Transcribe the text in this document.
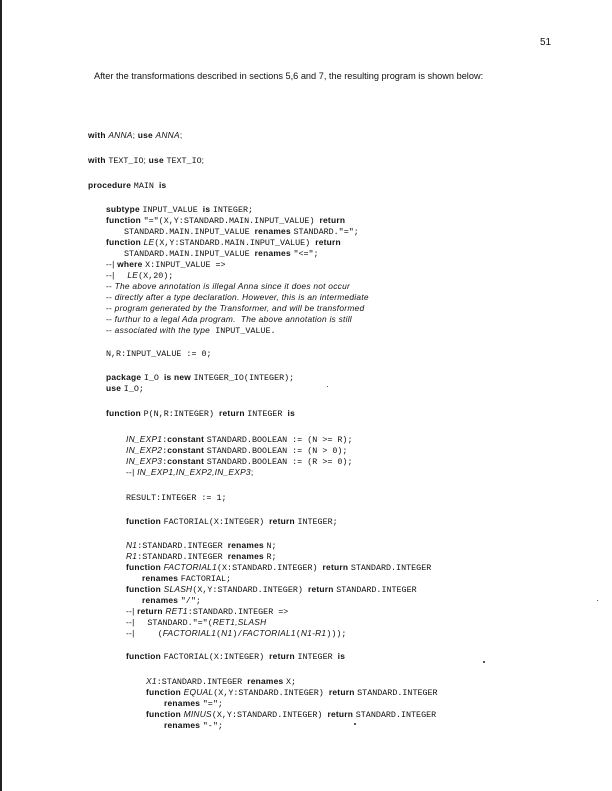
51
After the transformations described in sections 5,6 and 7, the resulting program is shown below:
with ANNA; use ANNA;
with TEXT_IO; use TEXT_IO;
procedure MAIN is
subtype INPUT_VALUE is INTEGER;
function "="(X,Y:STANDARD.MAIN.INPUT_VALUE) return
STANDARD.MAIN.INPUT_VALUE renames STANDARD."=";
function LE(X,Y:STANDARD.MAIN.INPUT_VALUE) return
STANDARD.MAIN.INPUT_VALUE renames "<=";
--| where X:INPUT_VALUE =>
--|     LE(X,20);
-- The above annotation is illegal Anna since it does not occur
-- directly after a type declaration. However, this is an intermediate
-- program generated by the Transformer, and will be transformed
-- furthur to a legal Ada program.  The above annotation is still
-- associated with the type  INPUT_VALUE.
N,R:INPUT_VALUE := 0;
package I_O is new INTEGER_IO(INTEGER);
use I_O;
function P(N,R:INTEGER) return INTEGER is
IN_EXP1:constant STANDARD.BOOLEAN := (N >= R);
IN_EXP2:constant STANDARD.BOOLEAN := (N > 0);
IN_EXP3:constant STANDARD.BOOLEAN := (R >= 0);
--| IN_EXP1,IN_EXP2,IN_EXP3;
RESULT:INTEGER := 1;
function FACTORIAL(X:INTEGER) return INTEGER;
N1:STANDARD.INTEGER renames N;
R1:STANDARD.INTEGER renames R;
function FACTORIAL1(X:STANDARD.INTEGER) return STANDARD.INTEGER
renames FACTORIAL;
function SLASH(X,Y:STANDARD.INTEGER) return STANDARD.INTEGER
renames "/";
--| return RET1:STANDARD.INTEGER =>
--|     STANDARD."="(RET1,SLASH
--|         (FACTORIAL1(N1)/FACTORIAL1(N1-R1)));
function FACTORIAL(X:INTEGER) return INTEGER is
X1:STANDARD.INTEGER renames X;
function EQUAL(X,Y:STANDARD.INTEGER) return STANDARD.INTEGER
renames "=";
function MINUS(X,Y:STANDARD.INTEGER) return STANDARD.INTEGER
renames "-";
